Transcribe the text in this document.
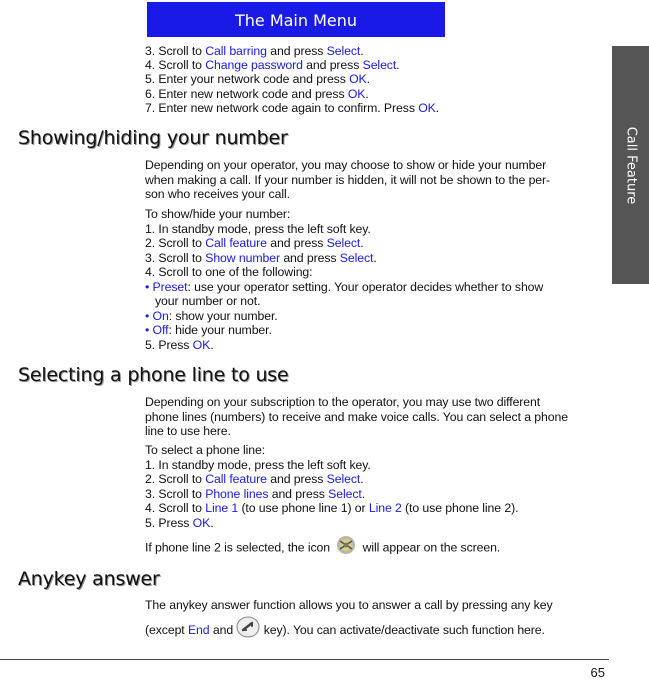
The Main Menu
Call Feature
3. Scroll to Call barring and press Select.
4. Scroll to Change password and press Select.
5. Enter your network code and press OK.
6. Enter new network code and press OK.
7. Enter new network code again to confirm. Press OK.
Showing/hiding your number
Depending on your operator, you may choose to show or hide your number
when making a call. If your number is hidden, it will not be shown to the per-
son who receives your call.
To show/hide your number:
1. In standby mode, press the left soft key.
2. Scroll to Call feature and press Select.
3. Scroll to Show number and press Select.
4. Scroll to one of the following:
• Preset: use your operator setting. Your operator decides whether to show
your number or not.
• On: show your number.
• Off: hide your number.
5. Press OK.
Selecting a phone line to use
Depending on your subscription to the operator, you may use two different
phone lines (numbers) to receive and make voice calls. You can select a phone
line to use here.
To select a phone line:
1. In standby mode, press the left soft key.
2. Scroll to Call feature and press Select.
3. Scroll to Phone lines and press Select.
4. Scroll to Line 1 (to use phone line 1) or Line 2 (to use phone line 2).
5. Press OK.
If phone line 2 is selected, the icon  will appear on the screen.
Anykey answer
The anykey answer function allows you to answer a call by pressing any key
(except End and  key). You can activate/deactivate such function here.
65
